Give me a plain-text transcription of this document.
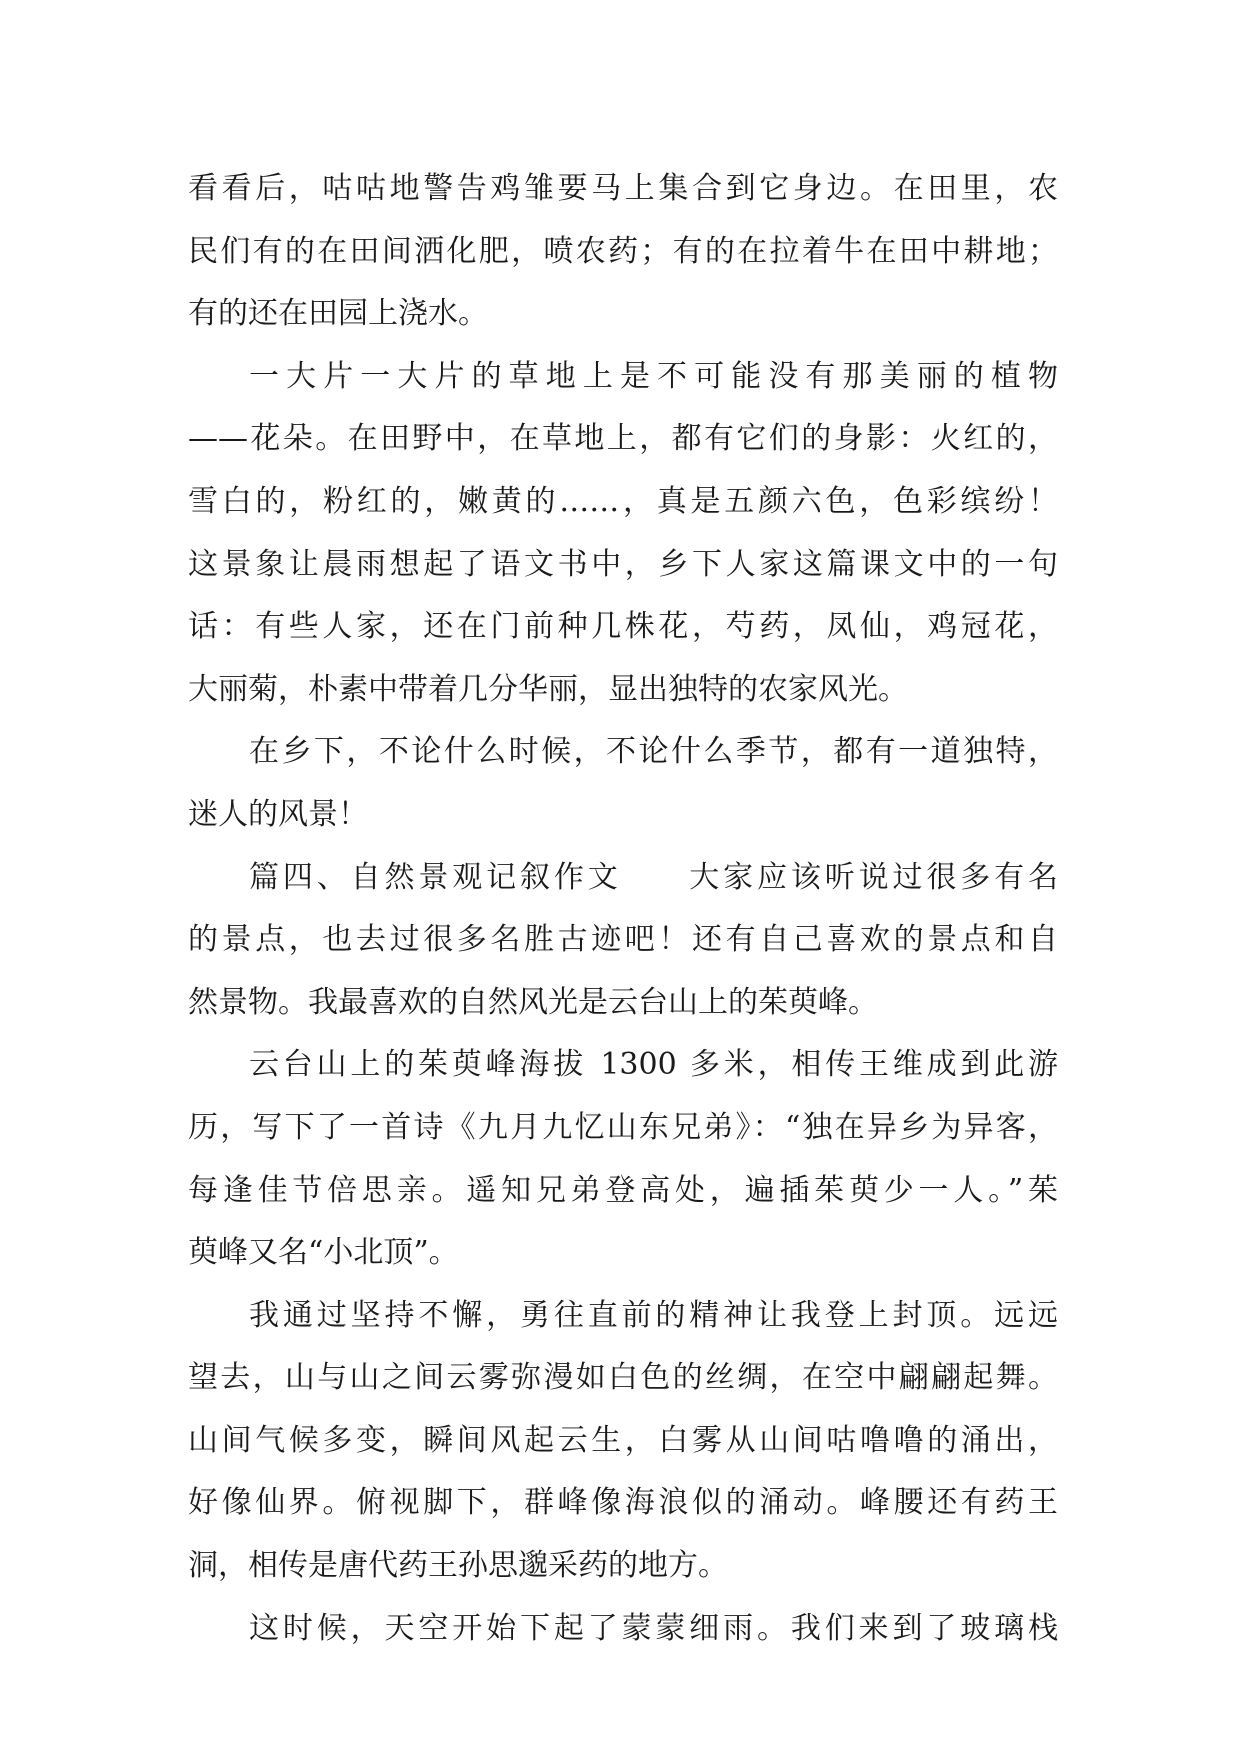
看看后，咕咕地警告鸡雏要马上集合到它身边。在田里，农
民们有的在田间洒化肥，喷农药；有的在拉着牛在田中耕地；
有的还在田园上浇水。
一大片一大片的草地上是不可能没有那美丽的植物
——花朵。在田野中，在草地上，都有它们的身影：火红的，
雪白的，粉红的，嫩黄的……，真是五颜六色，色彩缤纷！
这景象让晨雨想起了语文书中，乡下人家这篇课文中的一句
话：有些人家，还在门前种几株花，芍药，凤仙，鸡冠花，
大丽菊，朴素中带着几分华丽，显出独特的农家风光。
在乡下，不论什么时候，不论什么季节，都有一道独特，
迷人的风景！
篇四、自然景观记叙作文　　大家应该听说过很多有名
的景点，也去过很多名胜古迹吧！还有自己喜欢的景点和自
然景物。我最喜欢的自然风光是云台山上的茱萸峰。
云台山上的茱萸峰海拔 1300 多米，相传王维成到此游
历，写下了一首诗《九月九忆山东兄弟》：“独在异乡为异客，
每逢佳节倍思亲。遥知兄弟登高处，遍插茱萸少一人。”茱
萸峰又名“小北顶”。
我通过坚持不懈，勇往直前的精神让我登上封顶。远远
望去，山与山之间云雾弥漫如白色的丝绸，在空中翩翩起舞。
山间气候多变，瞬间风起云生，白雾从山间咕噜噜的涌出，
好像仙界。俯视脚下，群峰像海浪似的涌动。峰腰还有药王
洞，相传是唐代药王孙思邈采药的地方。
这时候，天空开始下起了蒙蒙细雨。我们来到了玻璃栈
